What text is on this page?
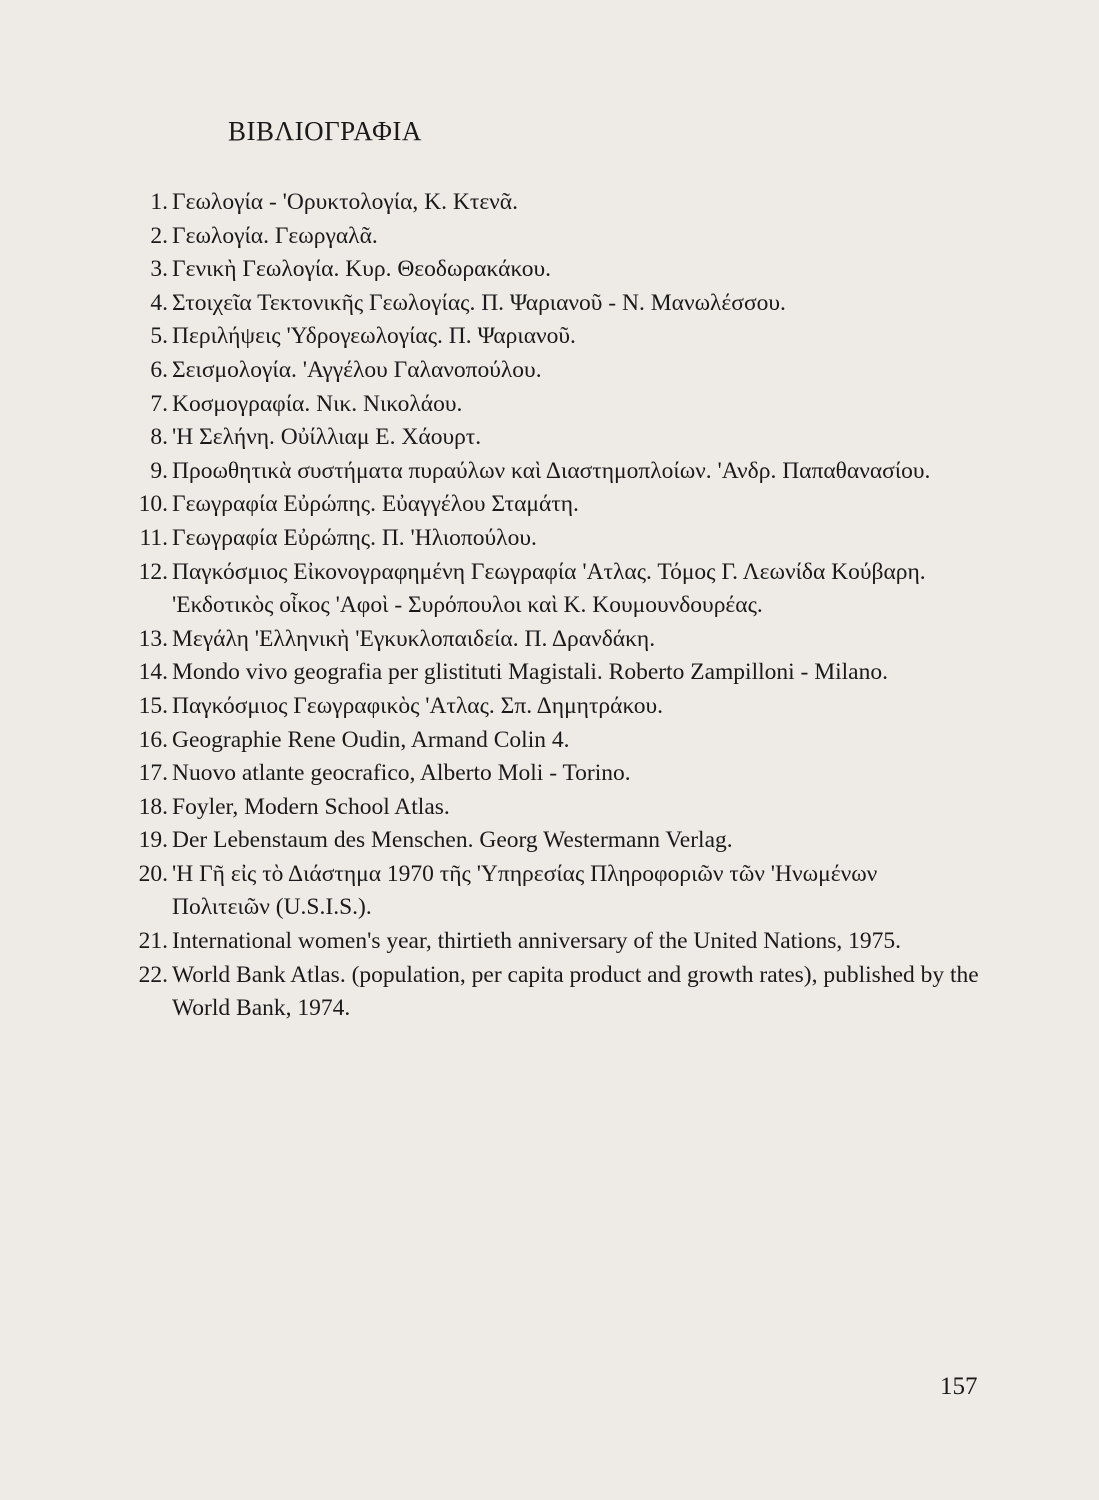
ΒΙΒΛΙΟΓΡΑΦΙΑ
1. Γεωλογία - 'Ορυκτολογία, Κ. Κτενᾶ.
2. Γεωλογία. Γεωργαλᾶ.
3. Γενικὴ Γεωλογία. Κυρ. Θεοδωρακάκου.
4. Στοιχεῖα Τεκτονικῆς Γεωλογίας. Π. Ψαριανοῦ - Ν. Μανωλέσσου.
5. Περιλήψεις 'Υδρογεωλογίας. Π. Ψαριανοῦ.
6. Σεισμολογία. 'Αγγέλου Γαλανοπούλου.
7. Κοσμογραφία. Νικ. Νικολάου.
8. 'Η Σελήνη. Οὐίλλιαμ Ε. Χάουρτ.
9. Προωθητικὰ συστήματα πυραύλων καὶ Διαστημοπλοίων. 'Ανδρ. Παπαθανασίου.
10. Γεωγραφία Εὐρώπης. Εὐαγγέλου Σταμάτη.
11. Γεωγραφία Εὐρώπης. Π. 'Ηλιοπούλου.
12. Παγκόσμιος Εἰκονογραφημένη Γεωγραφία 'Ατλας. Τόμος Γ. Λεωνίδα Κούβαρη. 'Εκδοτικὸς οἶκος 'Αφοὶ - Συρόπουλοι καὶ Κ. Κουμουνδουρέας.
13. Μεγάλη 'Ελληνικὴ 'Εγκυκλοπαιδεία. Π. Δρανδάκη.
14. Mondo vivo geografia per glistituti Magistali. Roberto Zampilloni - Milano.
15. Παγκόσμιος Γεωγραφικὸς 'Ατλας. Σπ. Δημητράκου.
16. Geographie Rene Oudin, Armand Colin 4.
17. Nuovo atlante geocrafico, Alberto Moli - Torino.
18. Foyler, Modern School Atlas.
19. Der Lebenstaum des Menschen. Georg Westermann Verlag.
20. 'Η Γῆ εἰς τὸ Διάστημα 1970 τῆς 'Υπηρεσίας Πληροφοριῶν τῶν 'Ηνωμένων Πολιτειῶν (U.S.I.S.).
21. International women's year, thirtieth anniversary of the United Nations, 1975.
22. World Bank Atlas. (population, per capita product and growth rates), published by the World Bank, 1974.
157
